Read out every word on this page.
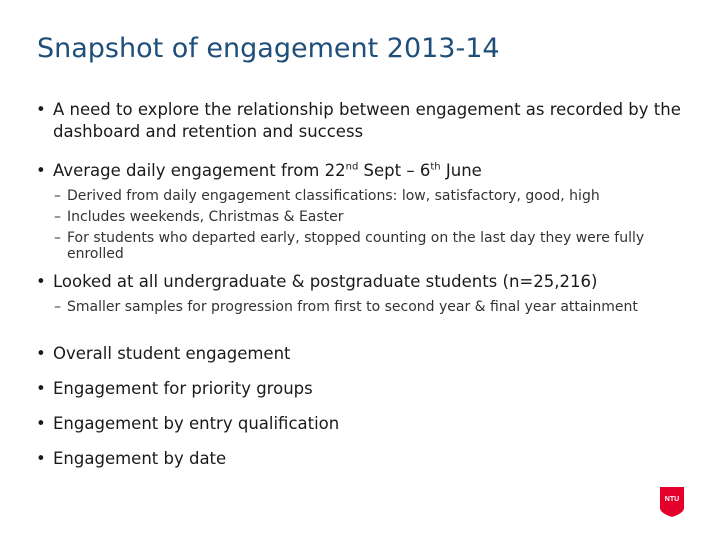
Snapshot of engagement 2013-14
• A need to explore the relationship between engagement as recorded by the dashboard and retention and success
• Average daily engagement from 22nd Sept – 6th June
– Derived from daily engagement classifications: low, satisfactory, good, high
– Includes weekends, Christmas & Easter
– For students who departed early, stopped counting on the last day they were fully enrolled
• Looked at all undergraduate & postgraduate students (n=25,216)
– Smaller samples for progression from first to second year & final year attainment
• Overall student engagement
• Engagement for priority groups
• Engagement by entry qualification
• Engagement by date
NTU
